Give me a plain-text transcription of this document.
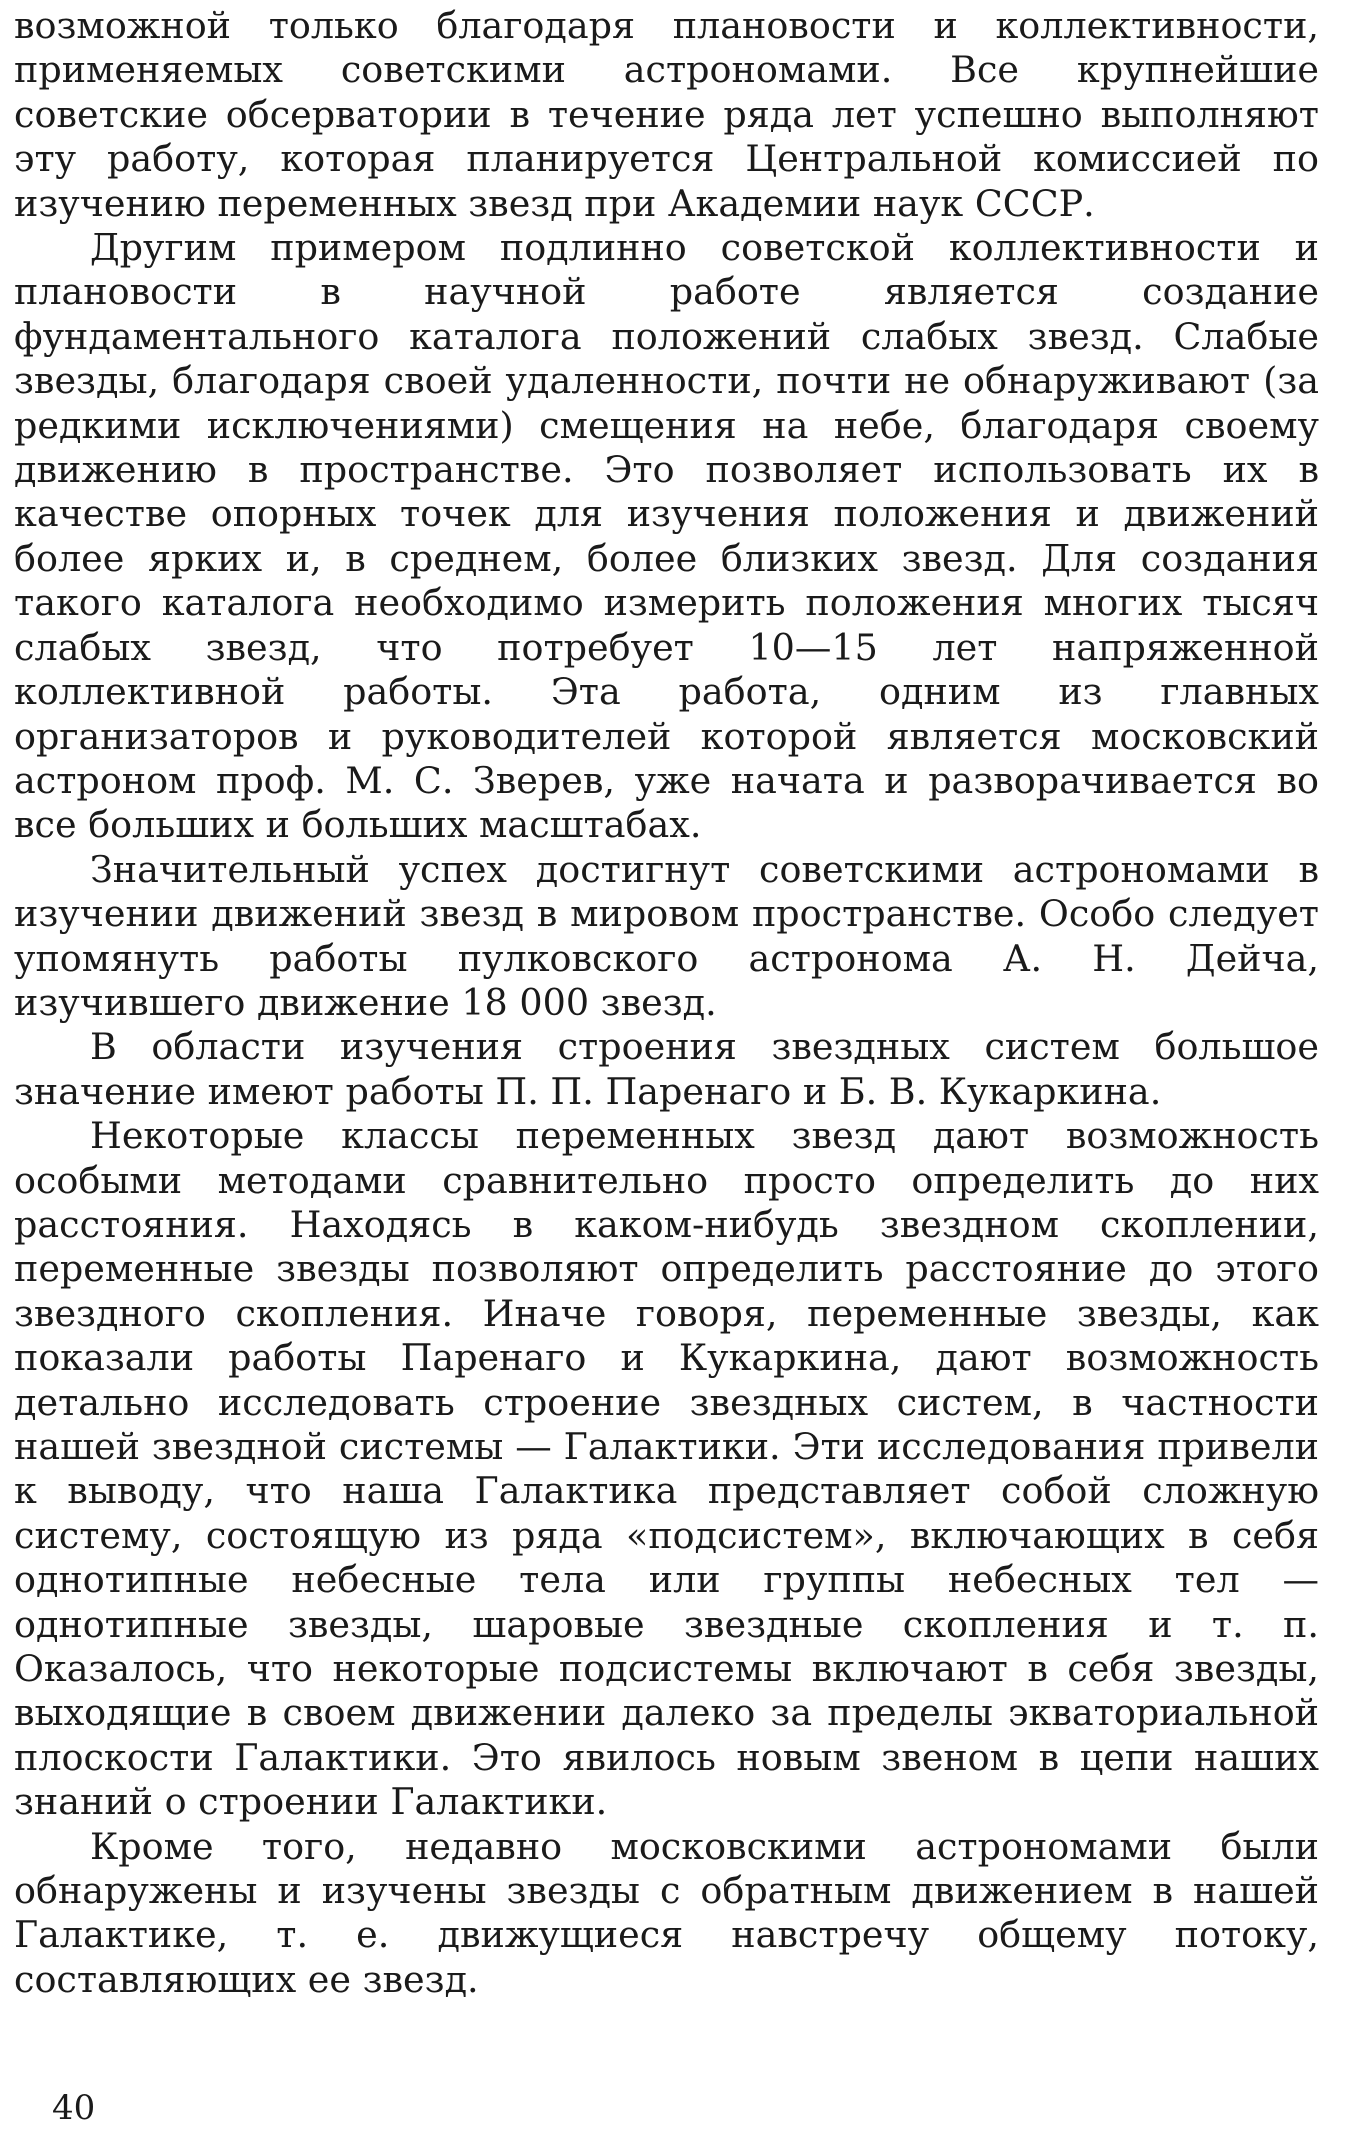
возможной только благодаря плановости и коллективности, применяемых советскими астрономами. Все крупнейшие советские обсерватории в течение ряда лет успешно выполняют эту работу, которая планируется Центральной комиссией по изучению переменных звезд при Академии наук СССР.

Другим примером подлинно советской коллективности и плановости в научной работе является создание фундаментального каталога положений слабых звезд. Слабые звезды, благодаря своей удаленности, почти не обнаруживают (за редкими исключениями) смещения на небе, благодаря своему движению в пространстве. Это позволяет использовать их в качестве опорных точек для изучения положения и движений более ярких и, в среднем, более близких звезд. Для создания такого каталога необходимо измерить положения многих тысяч слабых звезд, что потребует 10—15 лет напряженной коллективной работы. Эта работа, одним из главных организаторов и руководителей которой является московский астроном проф. М. С. Зверев, уже начата и разворачивается во все больших и больших масштабах.

Значительный успех достигнут советскими астрономами в изучении движений звезд в мировом пространстве. Особо следует упомянуть работы пулковского астронома А. Н. Дейча, изучившего движение 18 000 звезд.

В области изучения строения звездных систем большое значение имеют работы П. П. Паренаго и Б. В. Кукаркина.

Некоторые классы переменных звезд дают возможность особыми методами сравнительно просто определить до них расстояния. Находясь в каком-нибудь звездном скоплении, переменные звезды позволяют определить расстояние до этого звездного скопления. Иначе говоря, переменные звезды, как показали работы Паренаго и Кукаркина, дают возможность детально исследовать строение звездных систем, в частности нашей звездной системы — Галактики. Эти исследования привели к выводу, что наша Галактика представляет собой сложную систему, состоящую из ряда «подсистем», включающих в себя однотипные небесные тела или группы небесных тел — однотипные звезды, шаровые звездные скопления и т. п. Оказалось, что некоторые подсистемы включают в себя звезды, выходящие в своем движении далеко за пределы экваториальной плоскости Галактики. Это явилось новым звеном в цепи наших знаний о строении Галактики.

Кроме того, недавно московскими астрономами были обнаружены и изучены звезды с обратным движением в нашей Галактике, т. е. движущиеся навстречу общему потоку, составляющих ее звезд.

40
